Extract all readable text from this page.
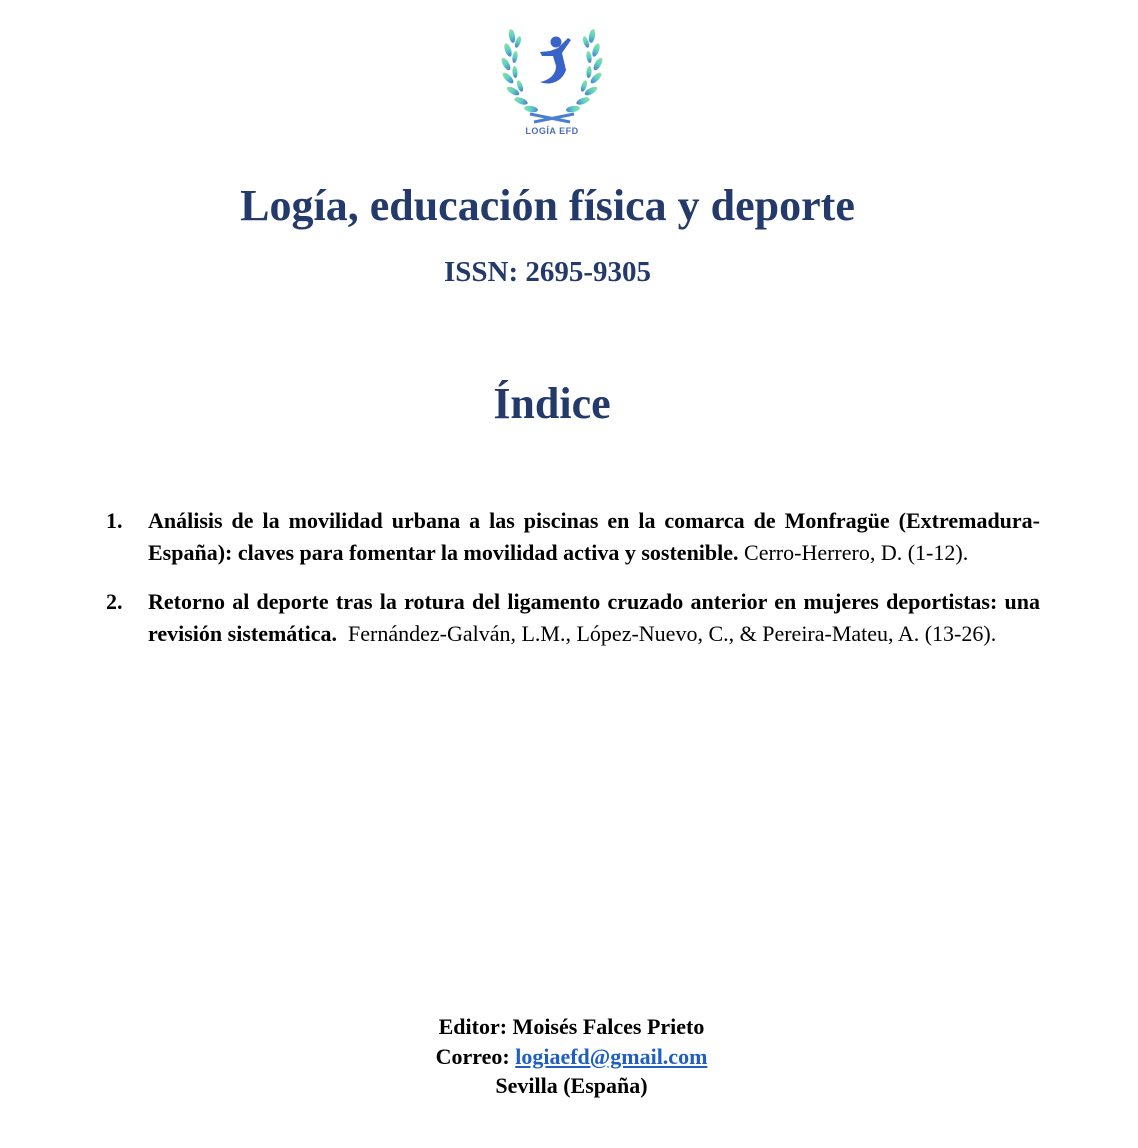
LOGÍA EFD
Logía, educación física y deporte
ISSN: 2695-9305
Índice
1. Análisis de la movilidad urbana a las piscinas en la comarca de Monfragüe (Extremadura-España): claves para fomentar la movilidad activa y sostenible. Cerro-Herrero, D. (1-12).
2. Retorno al deporte tras la rotura del ligamento cruzado anterior en mujeres deportistas: una revisión sistemática. Fernández-Galván, L.M., López-Nuevo, C., & Pereira-Mateu, A. (13-26).
Editor: Moisés Falces Prieto
Correo: logiaefd@gmail.com
Sevilla (España)
